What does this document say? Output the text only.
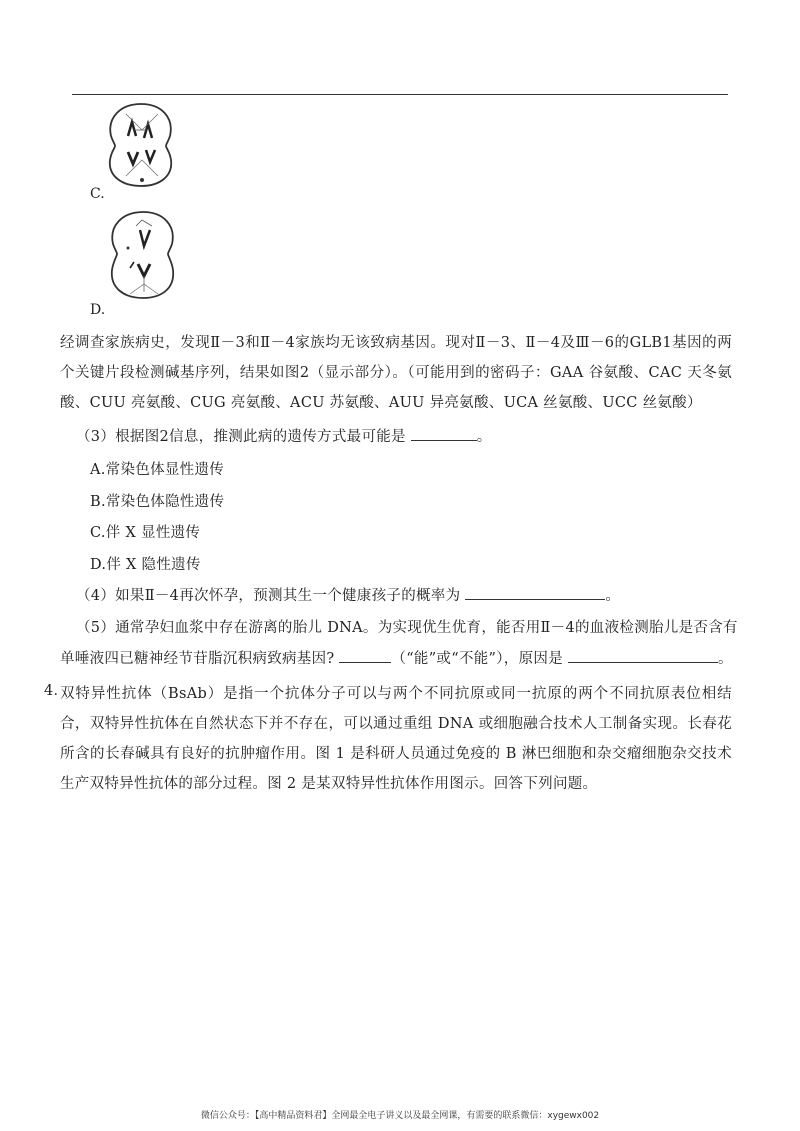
C.
D.
经调查家族病史，发现Ⅱ－3和Ⅱ－4家族均无该致病基因。现对Ⅱ－3、Ⅱ－4及Ⅲ－6的GLB1基因的两个关键片段检测碱基序列，结果如图2（显示部分）。（可能用到的密码子：GAA 谷氨酸、CAC 天冬氨酸、CUU 亮氨酸、CUG 亮氨酸、ACU 苏氨酸、AUU 异亮氨酸、UCA 丝氨酸、UCC 丝氨酸）
（3）根据图2信息，推测此病的遗传方式最可能是	。
A.常染色体显性遗传
B.常染色体隐性遗传
C.伴 X 显性遗传
D.伴 X 隐性遗传
（4）如果Ⅱ－4再次怀孕，预测其生一个健康孩子的概率为	。
（5）通常孕妇血浆中存在游离的胎儿 DNA。为实现优生优育，能否用Ⅱ－4的血液检测胎儿是否含有
单唾液四已糖神经节苷脂沉积病致病基因?	（“能”或“不能”），原因是	。
4．
双特异性抗体（BsAb）是指一个抗体分子可以与两个不同抗原或同一抗原的两个不同抗原表位相结合，双特异性抗体在自然状态下并不存在，可以通过重组 DNA 或细胞融合技术人工制备实现。长春花所含的长春碱具有良好的抗肿瘤作用。图 1 是科研人员通过免疫的 B 淋巴细胞和杂交瘤细胞杂交技术生产双特异性抗体的部分过程。图 2 是某双特异性抗体作用图示。回答下列问题。
微信公众号：【高中精品资料君】全网最全电子讲义以及最全网课，有需要的联系微信：xygewx002
